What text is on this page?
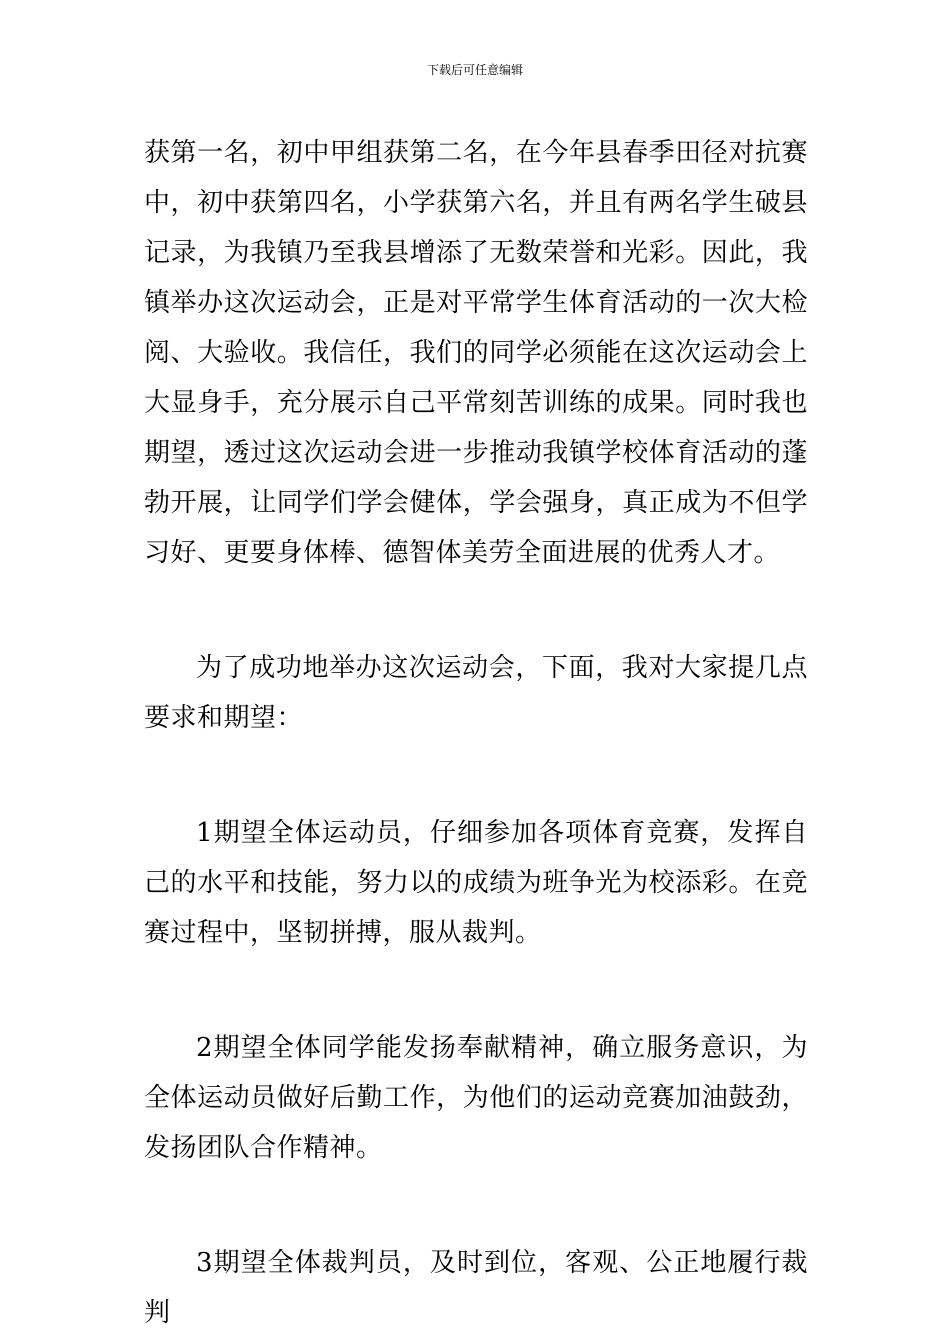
下载后可任意编辑

获第一名，初中甲组获第二名，在今年县春季田径对抗赛中，初中获第四名，小学获第六名，并且有两名学生破县记录，为我镇乃至我县增添了无数荣誉和光彩。因此，我镇举办这次运动会，正是对平常学生体育活动的一次大检阅、大验收。我信任，我们的同学必须能在这次运动会上大显身手，充分展示自己平常刻苦训练的成果。同时我也期望，透过这次运动会进一步推动我镇学校体育活动的蓬勃开展，让同学们学会健体，学会强身，真正成为不但学习好、更要身体棒、德智体美劳全面进展的优秀人才。

为了成功地举办这次运动会，下面，我对大家提几点要求和期望：

1期望全体运动员，仔细参加各项体育竞赛，发挥自己的水平和技能，努力以的成绩为班争光为校添彩。在竞赛过程中，坚韧拼搏，服从裁判。

2期望全体同学能发扬奉献精神，确立服务意识，为全体运动员做好后勤工作，为他们的运动竞赛加油鼓劲，发扬团队合作精神。

3期望全体裁判员，及时到位，客观、公正地履行裁判
